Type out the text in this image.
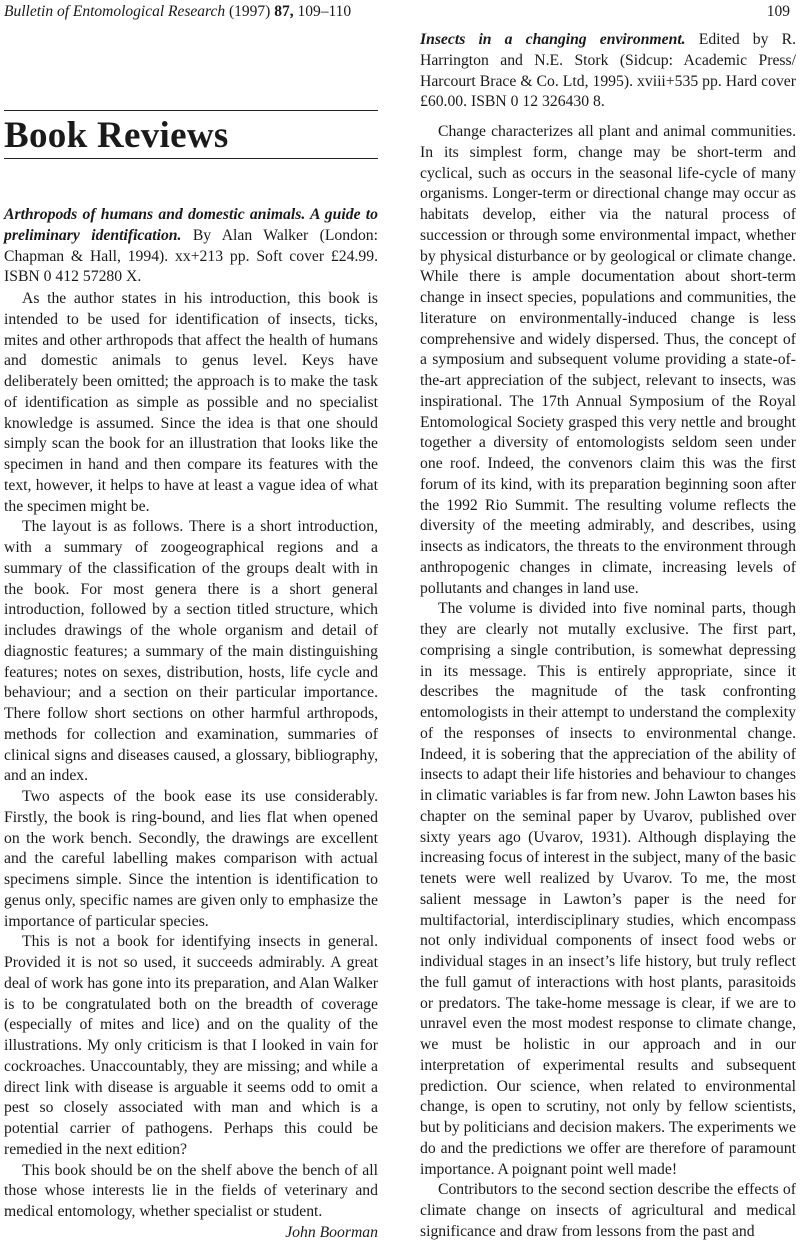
Bulletin of Entomological Research (1997) 87, 109–110	109
Book Reviews

Arthropods of humans and domestic animals. A guide to preliminary identification. By Alan Walker (London: Chapman & Hall, 1994). xx+213 pp. Soft cover £24.99. ISBN 0 412 57280 X.

As the author states in his introduction, this book is intended to be used for identification of insects, ticks, mites and other arthropods that affect the health of humans and domestic animals to genus level. Keys have deliberately been omitted; the approach is to make the task of identification as simple as possible and no specialist knowledge is assumed. Since the idea is that one should simply scan the book for an illustration that looks like the specimen in hand and then compare its features with the text, however, it helps to have at least a vague idea of what the specimen might be.

The layout is as follows. There is a short introduction, with a summary of zoogeographical regions and a summary of the classification of the groups dealt with in the book. For most genera there is a short general introduction, followed by a section titled structure, which includes drawings of the whole organism and detail of diagnostic features; a summary of the main distinguishing features; notes on sexes, distribution, hosts, life cycle and behaviour; and a section on their particular importance. There follow short sections on other harmful arthropods, methods for collection and examination, summaries of clinical signs and diseases caused, a glossary, bibliography, and an index.

Two aspects of the book ease its use considerably. Firstly, the book is ring-bound, and lies flat when opened on the work bench. Secondly, the drawings are excellent and the careful labelling makes comparison with actual specimens simple. Since the intention is identification to genus only, specific names are given only to emphasize the importance of particular species.

This is not a book for identifying insects in general. Provided it is not so used, it succeeds admirably. A great deal of work has gone into its preparation, and Alan Walker is to be congratulated both on the breadth of coverage (especially of mites and lice) and on the quality of the illustrations. My only criticism is that I looked in vain for cockroaches. Unaccountably, they are missing; and while a direct link with disease is arguable it seems odd to omit a pest so closely associated with man and which is a potential carrier of pathogens. Perhaps this could be remedied in the next edition?

This book should be on the shelf above the bench of all those whose interests lie in the fields of veterinary and medical entomology, whether specialist or student.

John Boorman

Insects in a changing environment. Edited by R. Harrington and N.E. Stork (Sidcup: Academic Press/ Harcourt Brace & Co. Ltd, 1995). xviii+535 pp. Hard cover £60.00. ISBN 0 12 326430 8.

Change characterizes all plant and animal communities. In its simplest form, change may be short-term and cyclical, such as occurs in the seasonal life-cycle of many organisms. Longer-term or directional change may occur as habitats develop, either via the natural process of succession or through some environmental impact, whether by physical disturbance or by geological or climate change. While there is ample documentation about short-term change in insect species, populations and communities, the literature on environmentally-induced change is less comprehensive and widely dispersed. Thus, the concept of a symposium and subsequent volume providing a state-of-the-art appreciation of the subject, relevant to insects, was inspirational. The 17th Annual Symposium of the Royal Entomological Society grasped this very nettle and brought together a diversity of entomologists seldom seen under one roof. Indeed, the convenors claim this was the first forum of its kind, with its preparation beginning soon after the 1992 Rio Summit. The resulting volume reflects the diversity of the meeting admirably, and describes, using insects as indicators, the threats to the environment through anthropogenic changes in climate, increasing levels of pollutants and changes in land use.

The volume is divided into five nominal parts, though they are clearly not mutally exclusive. The first part, comprising a single contribution, is somewhat depressing in its message. This is entirely appropriate, since it describes the magnitude of the task confronting entomologists in their attempt to understand the complexity of the responses of insects to environmental change. Indeed, it is sobering that the appreciation of the ability of insects to adapt their life histories and behaviour to changes in climatic variables is far from new. John Lawton bases his chapter on the seminal paper by Uvarov, published over sixty years ago (Uvarov, 1931). Although displaying the increasing focus of interest in the subject, many of the basic tenets were well realized by Uvarov. To me, the most salient message in Lawton’s paper is the need for multifactorial, interdisciplinary studies, which encompass not only individual components of insect food webs or individual stages in an insect’s life history, but truly reflect the full gamut of interactions with host plants, parasitoids or predators. The take-home message is clear, if we are to unravel even the most modest response to climate change, we must be holistic in our approach and in our interpretation of experimental results and subsequent prediction. Our science, when related to environmental change, is open to scrutiny, not only by fellow scientists, but by politicians and decision makers. The experiments we do and the predictions we offer are therefore of paramount importance. A poignant point well made!

Contributors to the second section describe the effects of climate change on insects of agricultural and medical significance and draw from lessons from the past and
